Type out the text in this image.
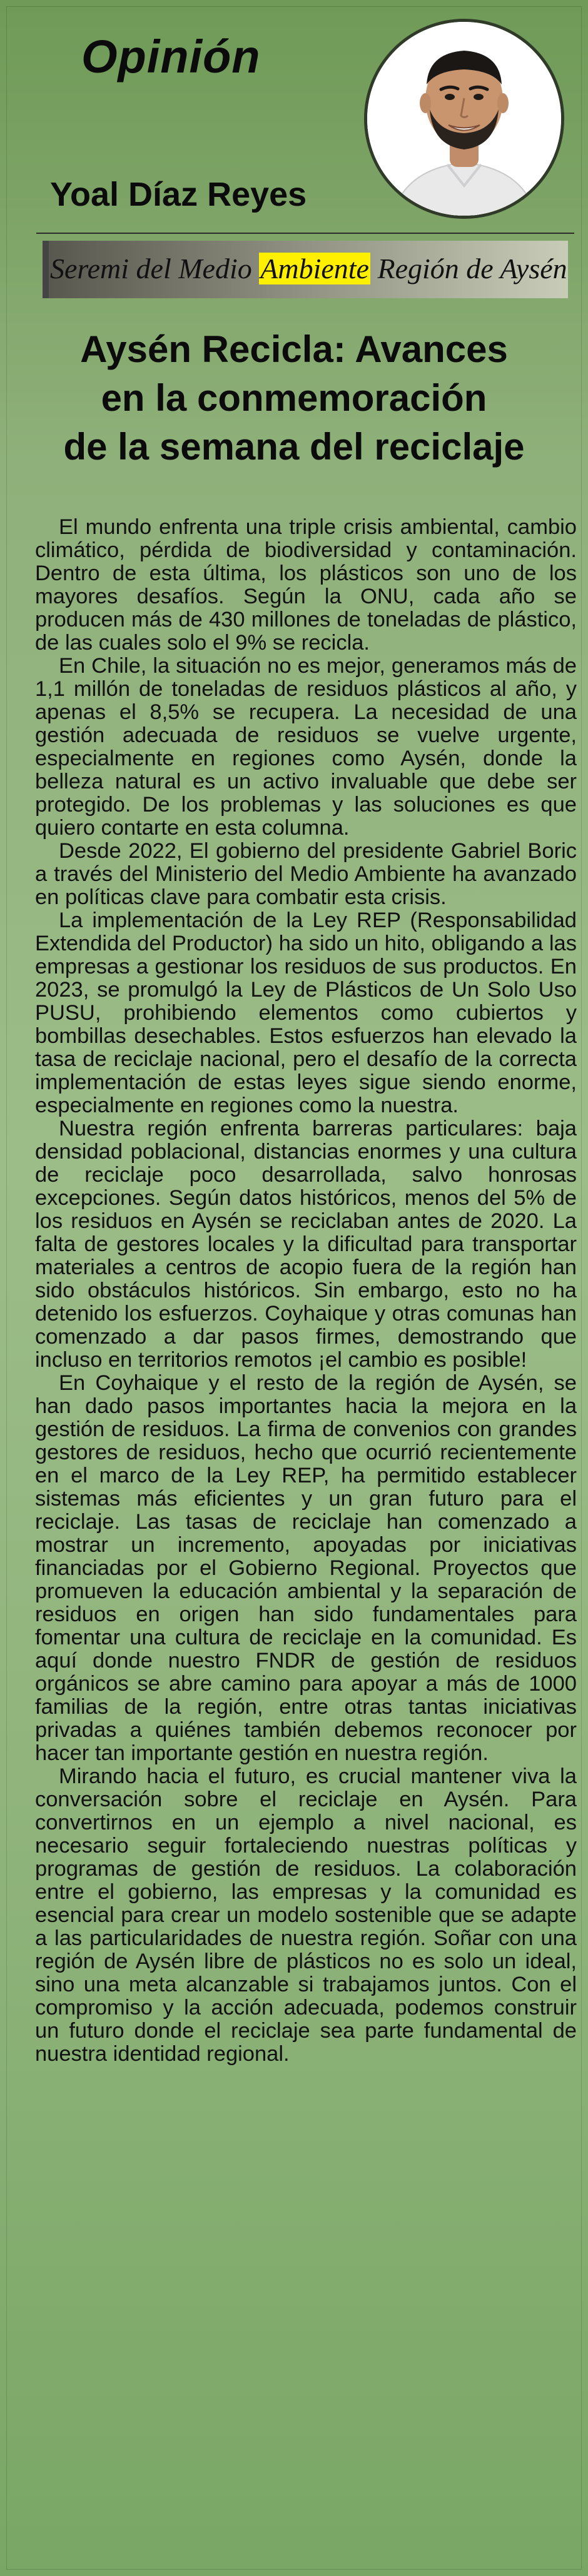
Opinión
Yoal Díaz Reyes
Seremi del Medio Ambiente Región de Aysén
Aysén Recicla: Avances
en la conmemoración
de la semana del reciclaje

El mundo enfrenta una triple crisis ambiental, cambio climático, pérdida de biodiversidad y contaminación. Dentro de esta última, los plásticos son uno de los mayores desafíos. Según la ONU, cada año se producen más de 430 millones de toneladas de plástico, de las cuales solo el 9% se recicla.

En Chile, la situación no es mejor, generamos más de 1,1 millón de toneladas de residuos plásticos al año, y apenas el 8,5% se recupera. La necesidad de una gestión adecuada de residuos se vuelve urgente, especialmente en regiones como Aysén, donde la belleza natural es un activo invaluable que debe ser protegido. De los problemas y las soluciones es que quiero contarte en esta columna.

Desde 2022, El gobierno del presidente Gabriel Boric a través del Ministerio del Medio Ambiente ha avanzado en políticas clave para combatir esta crisis.

La implementación de la Ley REP (Responsabilidad Extendida del Productor) ha sido un hito, obligando a las empresas a gestionar los residuos de sus productos. En 2023, se promulgó la Ley de Plásticos de Un Solo Uso PUSU, prohibiendo elementos como cubiertos y bombillas desechables. Estos esfuerzos han elevado la tasa de reciclaje nacional, pero el desafío de la correcta implementación de estas leyes sigue siendo enorme, especialmente en regiones como la nuestra.

Nuestra región enfrenta barreras particulares: baja densidad poblacional, distancias enormes y una cultura de reciclaje poco desarrollada, salvo honrosas excepciones. Según datos históricos, menos del 5% de los residuos en Aysén se reciclaban antes de 2020. La falta de gestores locales y la dificultad para transportar materiales a centros de acopio fuera de la región han sido obstáculos históricos. Sin embargo, esto no ha detenido los esfuerzos. Coyhaique y otras comunas han comenzado a dar pasos firmes, demostrando que incluso en territorios remotos ¡el cambio es posible!

En Coyhaique y el resto de la región de Aysén, se han dado pasos importantes hacia la mejora en la gestión de residuos. La firma de convenios con grandes gestores de residuos, hecho que ocurrió recientemente en el marco de la Ley REP, ha permitido establecer sistemas más eficientes y un gran futuro para el reciclaje. Las tasas de reciclaje han comenzado a mostrar un incremento, apoyadas por iniciativas financiadas por el Gobierno Regional. Proyectos que promueven la educación ambiental y la separación de residuos en origen han sido fundamentales para fomentar una cultura de reciclaje en la comunidad. Es aquí donde nuestro FNDR de gestión de residuos orgánicos se abre camino para apoyar a más de 1000 familias de la región, entre otras tantas iniciativas privadas a quiénes también debemos reconocer por hacer tan importante gestión en nuestra región.

Mirando hacia el futuro, es crucial mantener viva la conversación sobre el reciclaje en Aysén. Para convertirnos en un ejemplo a nivel nacional, es necesario seguir fortaleciendo nuestras políticas y programas de gestión de residuos. La colaboración entre el gobierno, las empresas y la comunidad es esencial para crear un modelo sostenible que se adapte a las particularidades de nuestra región. Soñar con una región de Aysén libre de plásticos no es solo un ideal, sino una meta alcanzable si trabajamos juntos. Con el compromiso y la acción adecuada, podemos construir un futuro donde el reciclaje sea parte fundamental de nuestra identidad regional.
